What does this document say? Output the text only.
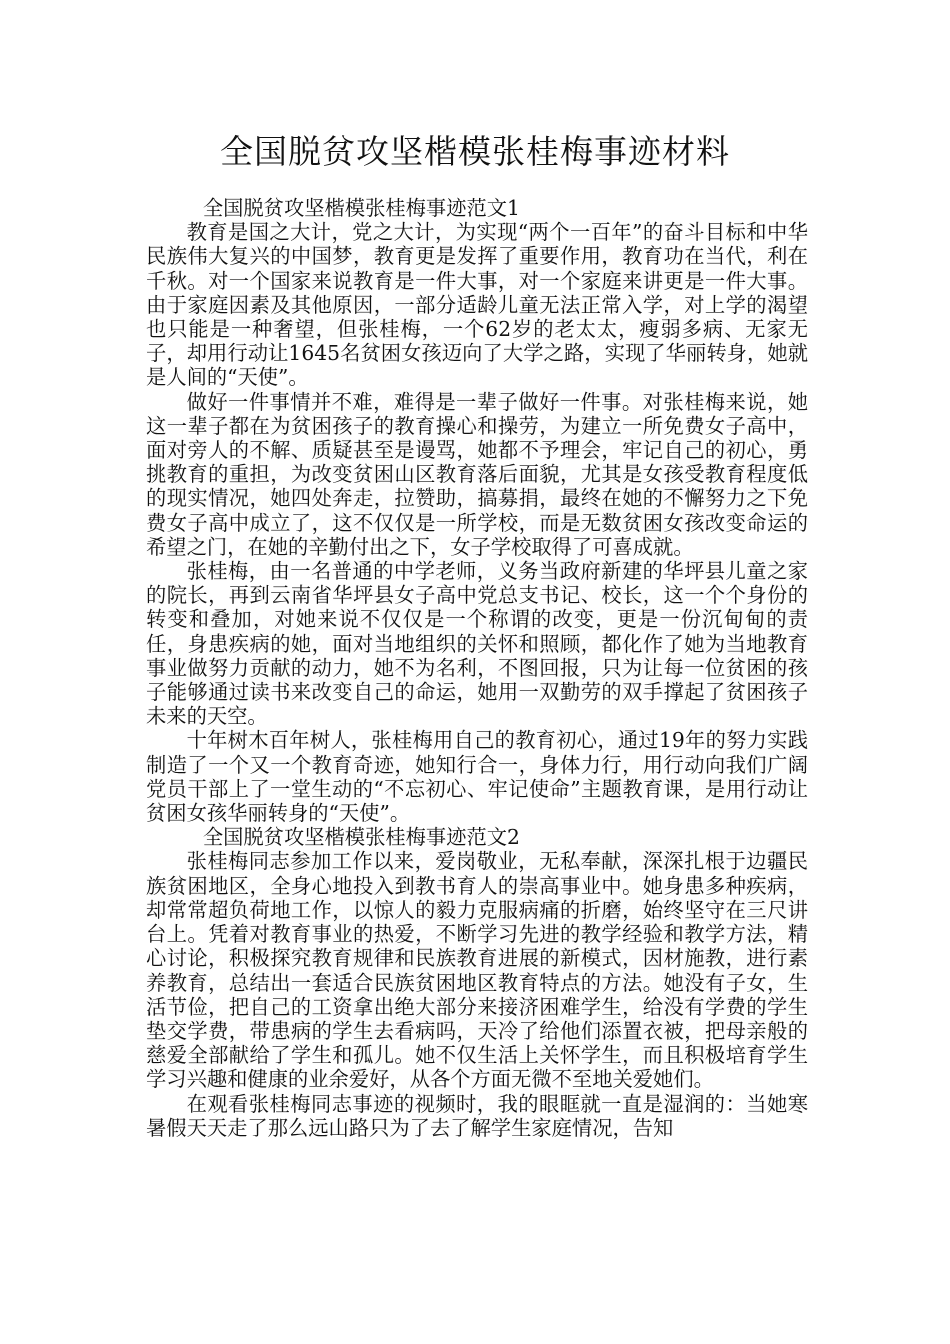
全国脱贫攻坚楷模张桂梅事迹材料

全国脱贫攻坚楷模张桂梅事迹范文1

教育是国之大计，党之大计，为实现“两个一百年”的奋斗目标和中华民族伟大复兴的中国梦，教育更是发挥了重要作用，教育功在当代，利在千秋。对一个国家来说教育是一件大事，对一个家庭来讲更是一件大事。由于家庭因素及其他原因，一部分适龄儿童无法正常入学，对上学的渴望也只能是一种奢望，但张桂梅，一个62岁的老太太，瘦弱多病、无家无子，却用行动让1645名贫困女孩迈向了大学之路，实现了华丽转身，她就是人间的“天使”。

做好一件事情并不难，难得是一辈子做好一件事。对张桂梅来说，她这一辈子都在为贫困孩子的教育操心和操劳，为建立一所免费女子高中，面对旁人的不解、质疑甚至是谩骂，她都不予理会，牢记自己的初心，勇挑教育的重担，为改变贫困山区教育落后面貌，尤其是女孩受教育程度低的现实情况，她四处奔走，拉赞助，搞募捐，最终在她的不懈努力之下免费女子高中成立了，这不仅仅是一所学校，而是无数贫困女孩改变命运的希望之门，在她的辛勤付出之下，女子学校取得了可喜成就。

张桂梅，由一名普通的中学老师，义务当政府新建的华坪县儿童之家的院长，再到云南省华坪县女子高中党总支书记、校长，这一个个身份的转变和叠加，对她来说不仅仅是一个称谓的改变，更是一份沉甸甸的责任，身患疾病的她，面对当地组织的关怀和照顾，都化作了她为当地教育事业做努力贡献的动力，她不为名利，不图回报，只为让每一位贫困的孩子能够通过读书来改变自己的命运，她用一双勤劳的双手撑起了贫困孩子未来的天空。

十年树木百年树人，张桂梅用自己的教育初心，通过19年的努力实践制造了一个又一个教育奇迹，她知行合一，身体力行，用行动向我们广阔党员干部上了一堂生动的“不忘初心、牢记使命”主题教育课，是用行动让贫困女孩华丽转身的“天使”。

全国脱贫攻坚楷模张桂梅事迹范文2

张桂梅同志参加工作以来，爱岗敬业，无私奉献，深深扎根于边疆民族贫困地区，全身心地投入到教书育人的崇高事业中。她身患多种疾病，却常常超负荷地工作，以惊人的毅力克服病痛的折磨，始终坚守在三尺讲台上。凭着对教育事业的热爱，不断学习先进的教学经验和教学方法，精心讨论，积极探究教育规律和民族教育进展的新模式，因材施教，进行素养教育，总结出一套适合民族贫困地区教育特点的方法。她没有子女，生活节俭，把自己的工资拿出绝大部分来接济困难学生，给没有学费的学生垫交学费，带患病的学生去看病吗，天冷了给他们添置衣被，把母亲般的慈爱全部献给了学生和孤儿。她不仅生活上关怀学生，而且积极培育学生学习兴趣和健康的业余爱好，从各个方面无微不至地关爱她们。

在观看张桂梅同志事迹的视频时，我的眼眶就一直是湿润的：当她寒暑假天天走了那么远山路只为了去了解学生家庭情况，告知
